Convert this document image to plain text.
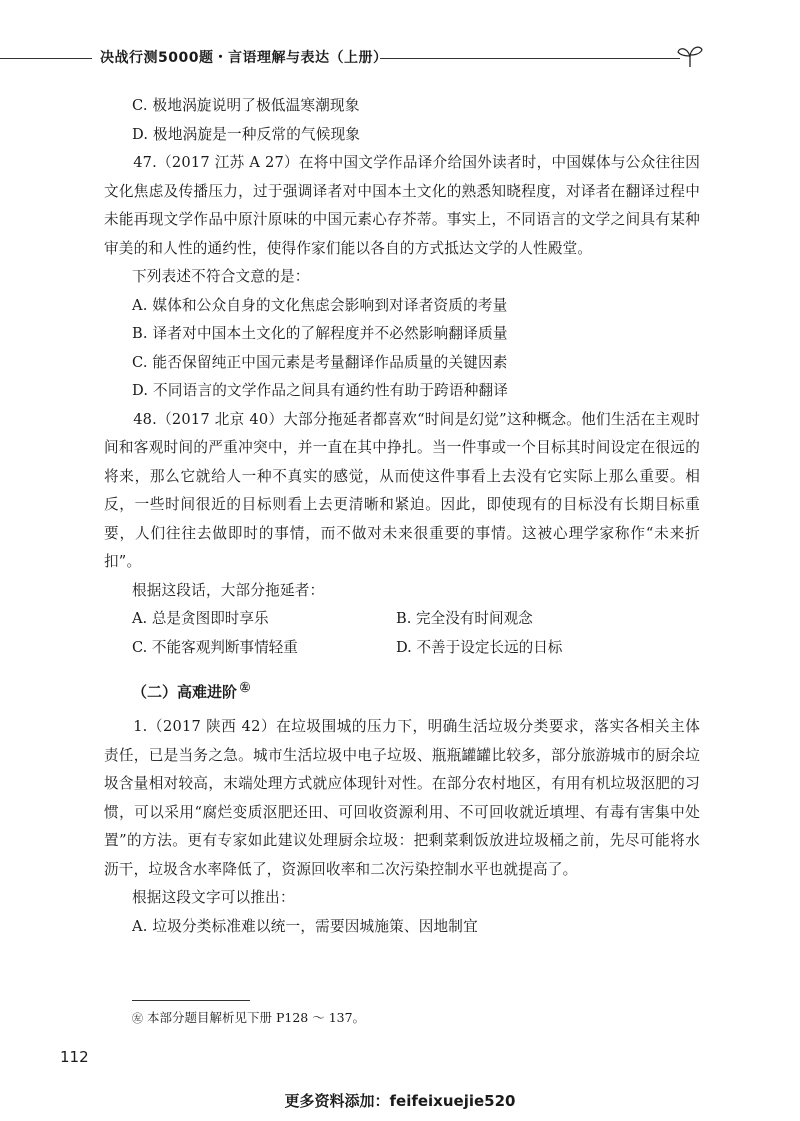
决战行测5000题・言语理解与表达（上册）

C. 极地涡旋说明了极低温寒潮现象

D. 极地涡旋是一种反常的气候现象

47.（2017 江苏 A 27）在将中国文学作品译介给国外读者时，中国媒体与公众往往因文化焦虑及传播压力，过于强调译者对中国本土文化的熟悉知晓程度，对译者在翻译过程中未能再现文学作品中原汁原味的中国元素心存芥蒂。事实上，不同语言的文学之间具有某种审美的和人性的通约性，使得作家们能以各自的方式抵达文学的人性殿堂。

下列表述不符合文意的是：

A. 媒体和公众自身的文化焦虑会影响到对译者资质的考量

B. 译者对中国本土文化的了解程度并不必然影响翻译质量

C. 能否保留纯正中国元素是考量翻译作品质量的关键因素

D. 不同语言的文学作品之间具有通约性有助于跨语种翻译

48.（2017 北京 40）大部分拖延者都喜欢“时间是幻觉”这种概念。他们生活在主观时间和客观时间的严重冲突中，并一直在其中挣扎。当一件事或一个目标其时间设定在很远的将来，那么它就给人一种不真实的感觉，从而使这件事看上去没有它实际上那么重要。相反，一些时间很近的目标则看上去更清晰和紧迫。因此，即使现有的目标没有长期目标重要，人们往往去做即时的事情，而不做对未来很重要的事情。这被心理学家称作“未来折扣”。

根据这段话，大部分拖延者：

A. 总是贪图即时享乐	B. 完全没有时间观念
C. 不能客观判断事情轻重	D. 不善于设定长远的日标
（二）高难进阶 ㊧

1.（2017 陕西 42）在垃圾围城的压力下，明确生活垃圾分类要求，落实各相关主体责任，已是当务之急。城市生活垃圾中电子垃圾、瓶瓶罐罐比较多，部分旅游城市的厨余垃圾含量相对较高，末端处理方式就应体现针对性。在部分农村地区，有用有机垃圾沤肥的习惯，可以采用“腐烂变质沤肥还田、可回收资源利用、不可回收就近填埋、有毒有害集中处置”的方法。更有专家如此建议处理厨余垃圾：把剩菜剩饭放进垃圾桶之前，先尽可能将水沥干，垃圾含水率降低了，资源回收率和二次污染控制水平也就提高了。

根据这段文字可以推出：

A. 垃圾分类标准难以统一，需要因城施策、因地制宜

㊧ 本部分题目解析见下册 P128 ～ 137。
112
更多资料添加：feifeixuejie520
